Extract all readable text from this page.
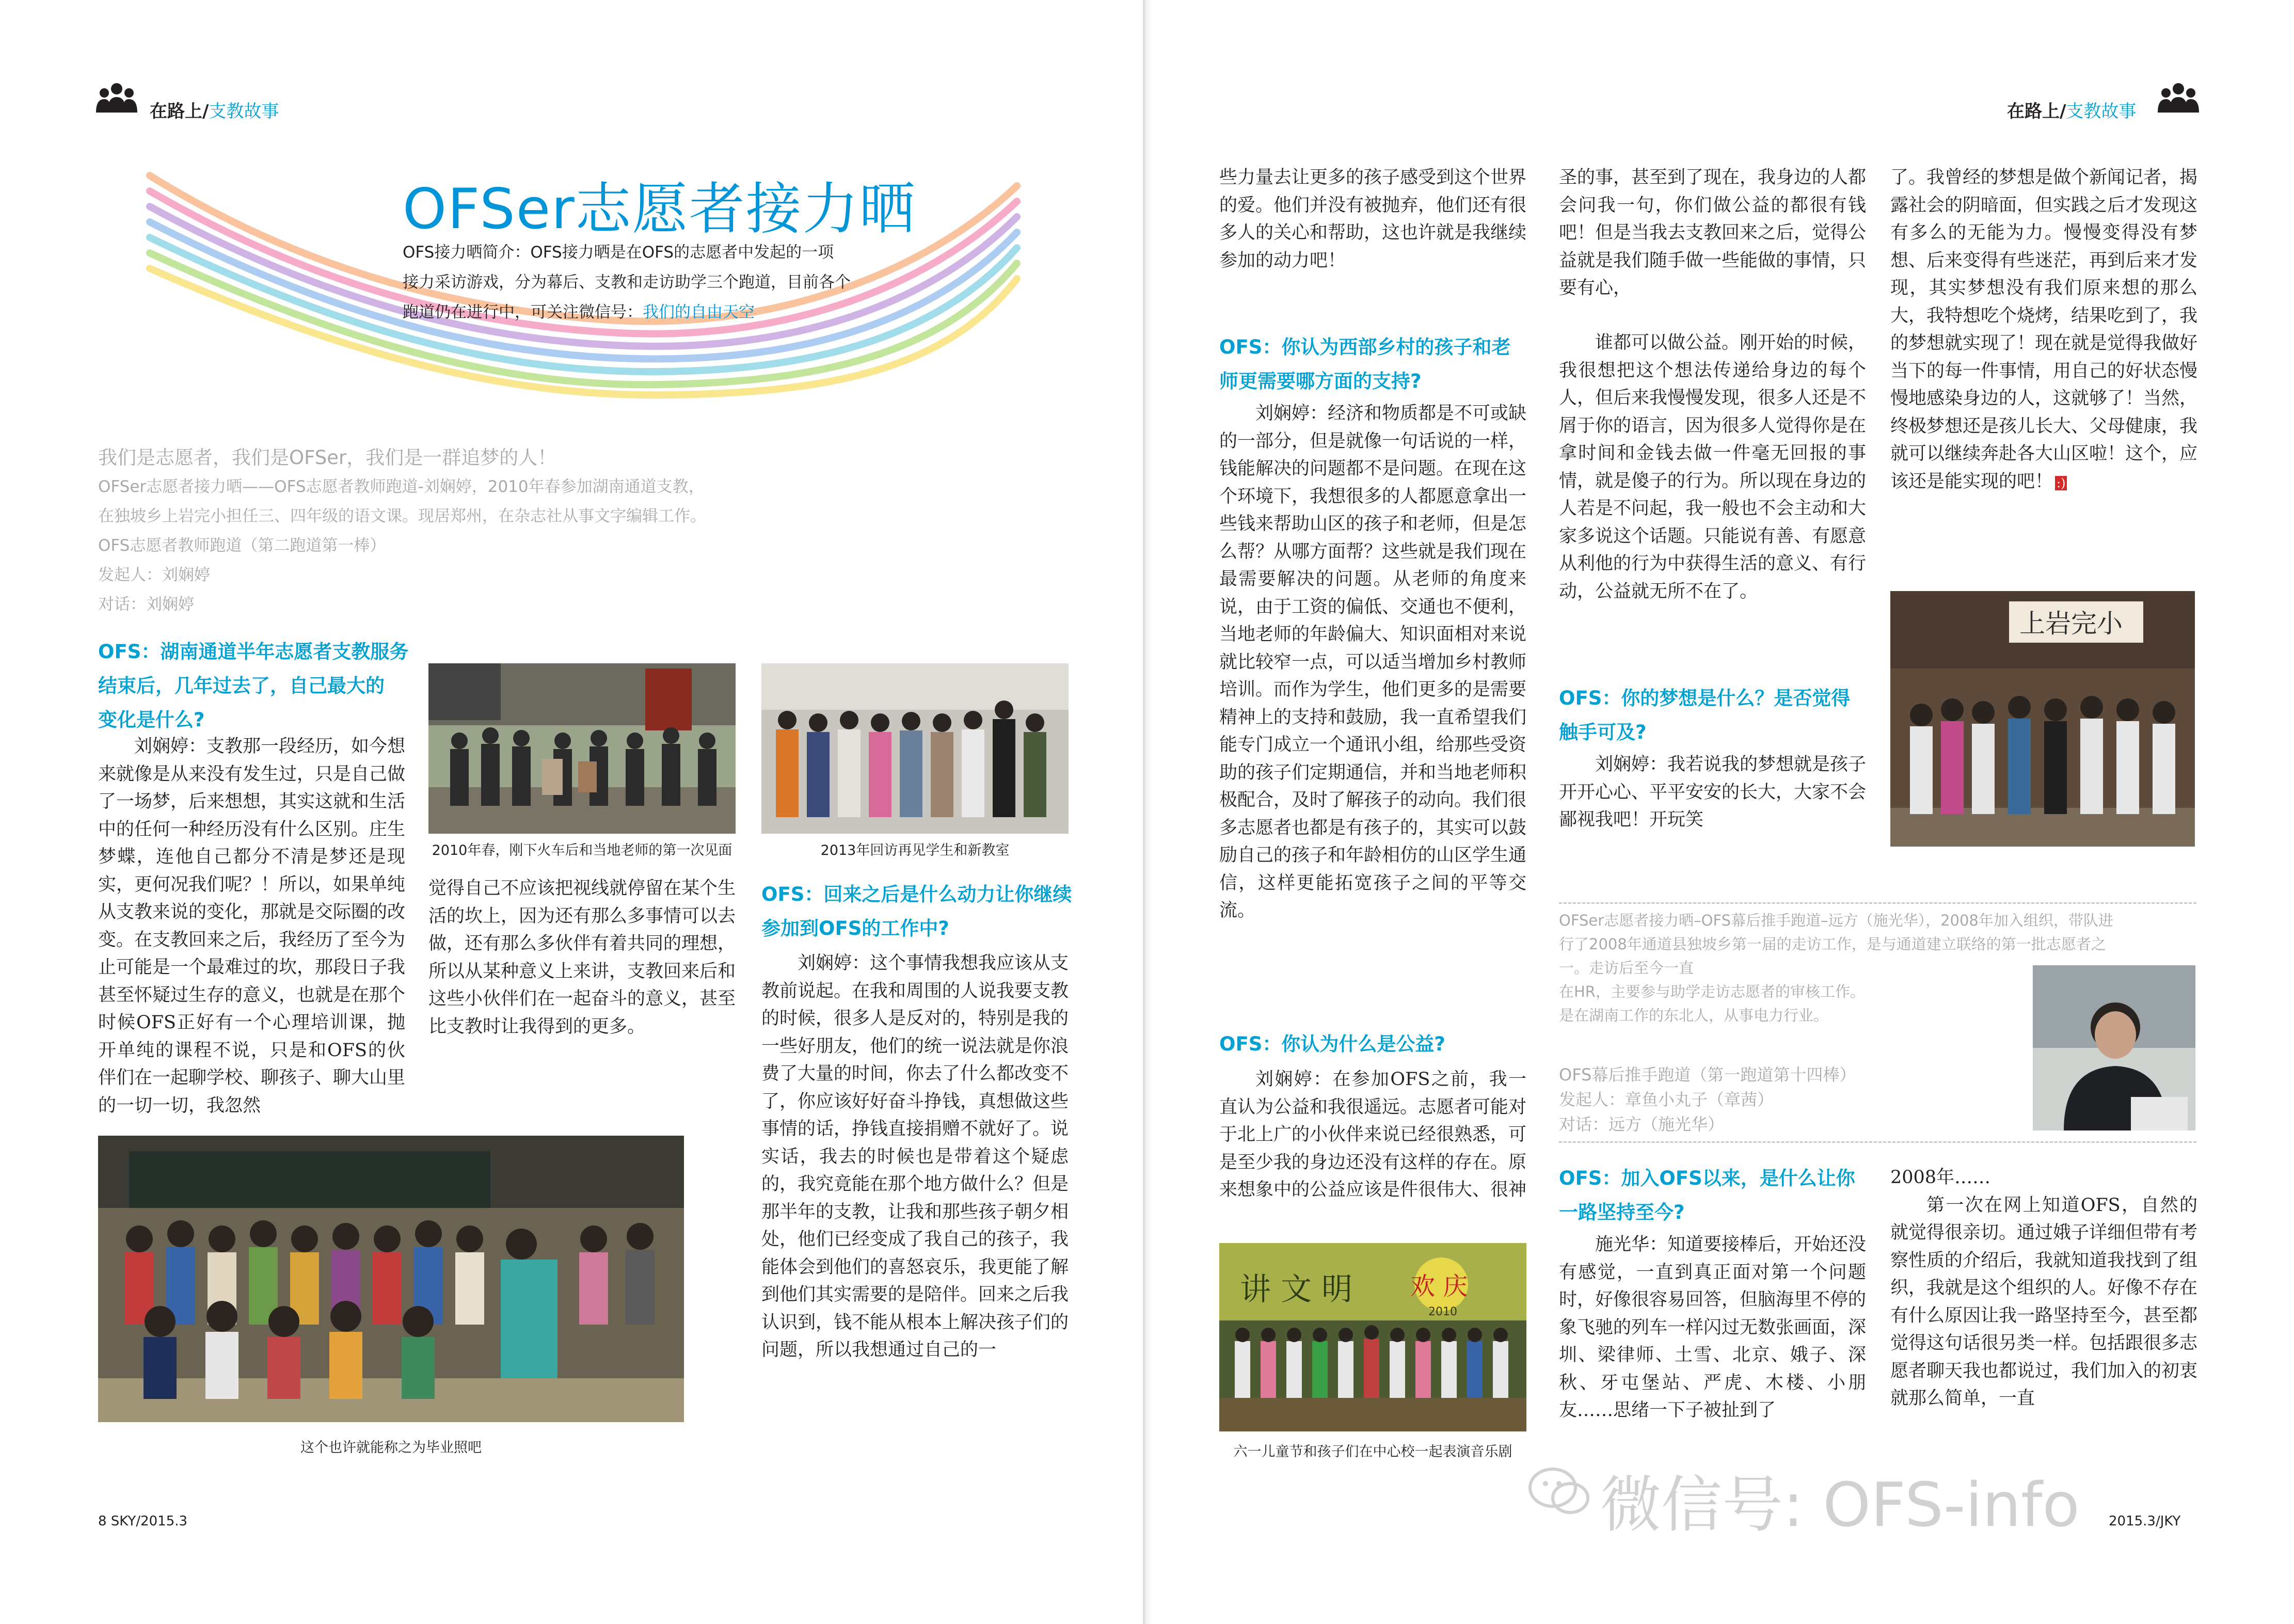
在路上/支教故事
OFSer志愿者接力晒
OFS接力晒简介：OFS接力晒是在OFS的志愿者中发起的一项
接力采访游戏，分为幕后、支教和走访助学三个跑道，目前各个
跑道仍在进行中，可关注微信号：我们的自由天空
我们是志愿者，我们是OFSer，我们是一群追梦的人！
OFSer志愿者接力晒——OFS志愿者教师跑道-刘娴婷，2010年春参加湖南通道支教，
在独坡乡上岩完小担任三、四年级的语文课。现居郑州，在杂志社从事文字编辑工作。
OFS志愿者教师跑道（第二跑道第一棒）
发起人：刘娴婷
对话：刘娴婷
OFS：湖南通道半年志愿者支教服务
结束后，几年过去了，自己最大的
变化是什么?

刘娴婷：支教那一段经历，如今想来就像是从来没有发生过，只是自己做了一场梦，后来想想，其实这就和生活中的任何一种经历没有什么区别。庄生梦蝶，连他自己都分不清是梦还是现实，更何况我们呢？！所以，如果单纯从支教来说的变化，那就是交际圈的改变。在支教回来之后，我经历了至今为止可能是一个最难过的坎，那段日子我甚至怀疑过生存的意义，也就是在那个时候OFS正好有一个心理培训课，抛开单纯的课程不说，只是和OFS的伙伴们在一起聊学校、聊孩子、聊大山里的一切一切，我忽然

2010年春，刚下火车后和当地老师的第一次见面	2013年回访再见学生和新教室

觉得自己不应该把视线就停留在某个生活的坎上，因为还有那么多事情可以去做，还有那么多伙伴有着共同的理想，所以从某种意义上来讲，支教回来后和这些小伙伴们在一起奋斗的意义，甚至比支教时让我得到的更多。

OFS：回来之后是什么动力让你继续
参加到OFS的工作中?

刘娴婷：这个事情我想我应该从支教前说起。在我和周围的人说我要支教的时候，很多人是反对的，特别是我的一些好朋友，他们的统一说法就是你浪费了大量的时间，你去了什么都改变不了，你应该好好奋斗挣钱，真想做这些事情的话，挣钱直接捐赠不就好了。说实话，我去的时候也是带着这个疑虑的，我究竟能在那个地方做什么？但是那半年的支教，让我和那些孩子朝夕相处，他们已经变成了我自己的孩子，我能体会到他们的喜怒哀乐，我更能了解到他们其实需要的是陪伴。回来之后我认识到，钱不能从根本上解决孩子们的问题，所以我想通过自己的一

这个也许就能称之为毕业照吧
8 SKY/2015.3
在路上/支教故事

些力量去让更多的孩子感受到这个世界的爱。他们并没有被抛弃，他们还有很多人的关心和帮助，这也许就是我继续参加的动力吧！

OFS：你认为西部乡村的孩子和老
师更需要哪方面的支持?

刘娴婷：经济和物质都是不可或缺的一部分，但是就像一句话说的一样，钱能解决的问题都不是问题。在现在这个环境下，我想很多的人都愿意拿出一些钱来帮助山区的孩子和老师，但是怎么帮？从哪方面帮？这些就是我们现在最需要解决的问题。从老师的角度来说，由于工资的偏低、交通也不便利，当地老师的年龄偏大、知识面相对来说就比较窄一点，可以适当增加乡村教师培训。而作为学生，他们更多的是需要精神上的支持和鼓励，我一直希望我们能专门成立一个通讯小组，给那些受资助的孩子们定期通信，并和当地老师积极配合，及时了解孩子的动向。我们很多志愿者也都是有孩子的，其实可以鼓励自己的孩子和年龄相仿的山区学生通信，这样更能拓宽孩子之间的平等交流。

OFS：你认为什么是公益?

刘娴婷：在参加OFS之前，我一直认为公益和我很遥远。志愿者可能对于北上广的小伙伴来说已经很熟悉，可是至少我的身边还没有这样的存在。原来想象中的公益应该是件很伟大、很神

讲 文 明 欢 庆
2010
六一儿童节和孩子们在中心校一起表演音乐剧

圣的事，甚至到了现在，我身边的人都会问我一句，你们做公益的都很有钱吧！但是当我去支教回来之后，觉得公益就是我们随手做一些能做的事情，只要有心，

谁都可以做公益。刚开始的时候，我很想把这个想法传递给身边的每个人，但后来我慢慢发现，很多人还是不屑于你的语言，因为很多人觉得你是在拿时间和金钱去做一件毫无回报的事情，就是傻子的行为。所以现在身边的人若是不问起，我一般也不会主动和大家多说这个话题。只能说有善、有愿意从利他的行为中获得生活的意义、有行动，公益就无所不在了。

OFS：你的梦想是什么？是否觉得
触手可及?

刘娴婷：我若说我的梦想就是孩子开开心心、平平安安的长大，大家不会鄙视我吧！开玩笑

了。我曾经的梦想是做个新闻记者，揭露社会的阴暗面，但实践之后才发现这有多么的无能为力。慢慢变得没有梦想、后来变得有些迷茫，再到后来才发现，其实梦想没有我们原来想的那么大，我特想吃个烧烤，结果吃到了，我的梦想就实现了！现在就是觉得我做好当下的每一件事情，用自己的好状态慢慢地感染身边的人，这就够了！当然，终极梦想还是孩儿长大、父母健康，我就可以继续奔赴各大山区啦！这个，应该还是能实现的吧！ :)

上岩完小
OFSer志愿者接力晒–OFS幕后推手跑道–远方（施光华），2008年加入组织，带队进
行了2008年通道县独坡乡第一届的走访工作，是与通道建立联络的第一批志愿者之
一。走访后至今一直
在HR，主要参与助学走访志愿者的审核工作。
是在湖南工作的东北人，从事电力行业。
OFS幕后推手跑道（第一跑道第十四棒）
发起人：章鱼小丸子（章茜）
对话：远方（施光华）
OFS：加入OFS以来，是什么让你
一路坚持至今?

施光华：知道要接棒后，开始还没有感觉，一直到真正面对第一个问题时，好像很容易回答，但脑海里不停的象飞驰的列车一样闪过无数张画面，深圳、梁律师、土雪、北京、娥子、深秋、牙屯堡站、严虎、木楼、小朋友……思绪一下子被扯到了

2008年……

第一次在网上知道OFS，自然的就觉得很亲切。通过娥子详细但带有考察性质的介绍后，我就知道我找到了组织，我就是这个组织的人。好像不存在有什么原因让我一路坚持至今，甚至都觉得这句话很另类一样。包括跟很多志愿者聊天我也都说过，我们加入的初衷就那么简单，一直

微信号: OFS-info 2015.3/JKY
